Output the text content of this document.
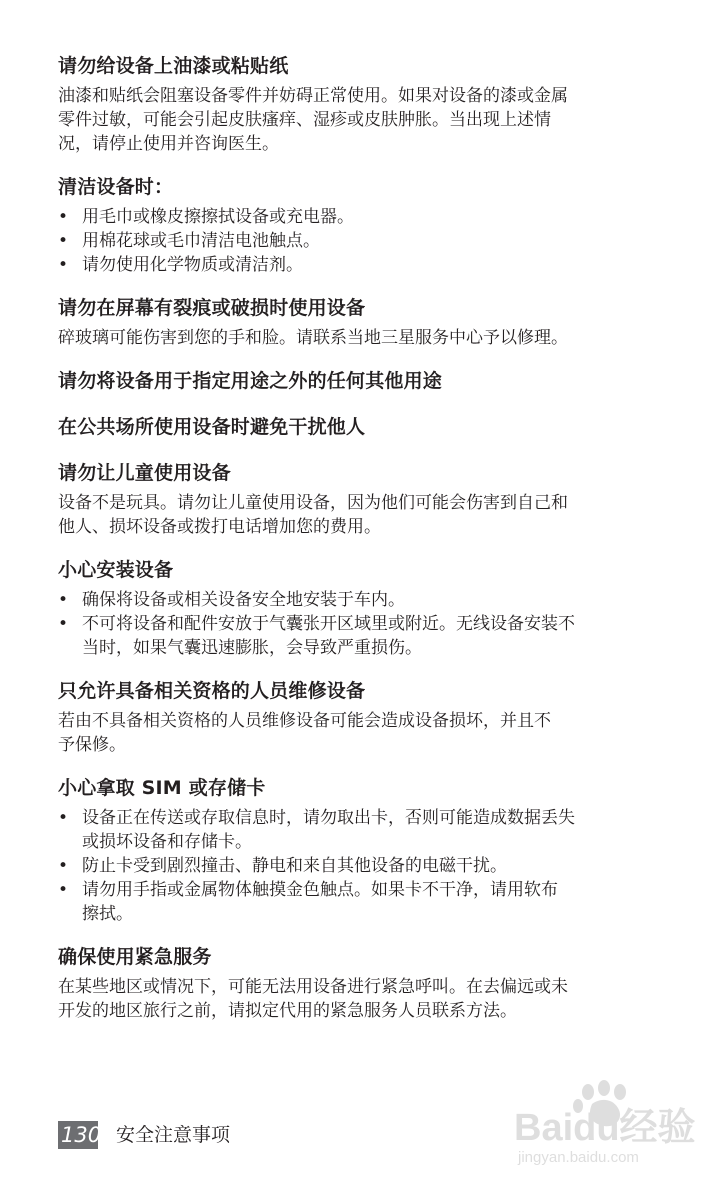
请勿给设备上油漆或粘贴纸

油漆和贴纸会阻塞设备零件并妨碍正常使用。如果对设备的漆或金属
零件过敏，可能会引起皮肤瘙痒、湿疹或皮肤肿胀。当出现上述情
况，请停止使用并咨询医生。

清洁设备时：
• 用毛巾或橡皮擦擦拭设备或充电器。
• 用棉花球或毛巾清洁电池触点。
• 请勿使用化学物质或清洁剂。
请勿在屏幕有裂痕或破损时使用设备

碎玻璃可能伤害到您的手和脸。请联系当地三星服务中心予以修理。

请勿将设备用于指定用途之外的任何其他用途
在公共场所使用设备时避免干扰他人
请勿让儿童使用设备

设备不是玩具。请勿让儿童使用设备，因为他们可能会伤害到自己和
他人、损坏设备或拨打电话增加您的费用。

小心安装设备
• 确保将设备或相关设备安全地安装于车内。
• 不可将设备和配件安放于气囊张开区域里或附近。无线设备安装不
当时，如果气囊迅速膨胀，会导致严重损伤。
只允许具备相关资格的人员维修设备

若由不具备相关资格的人员维修设备可能会造成设备损坏，并且不
予保修。

小心拿取 SIM 或存储卡
• 设备正在传送或存取信息时，请勿取出卡，否则可能造成数据丢失
或损坏设备和存储卡。
• 防止卡受到剧烈撞击、静电和来自其他设备的电磁干扰。
• 请勿用手指或金属物体触摸金色触点。如果卡不干净，请用软布
擦拭。
确保使用紧急服务

在某些地区或情况下，可能无法用设备进行紧急呼叫。在去偏远或未
开发的地区旅行之前，请拟定代用的紧急服务人员联系方法。

130 安全注意事项	Baidu经验
jingyan.baidu.com
